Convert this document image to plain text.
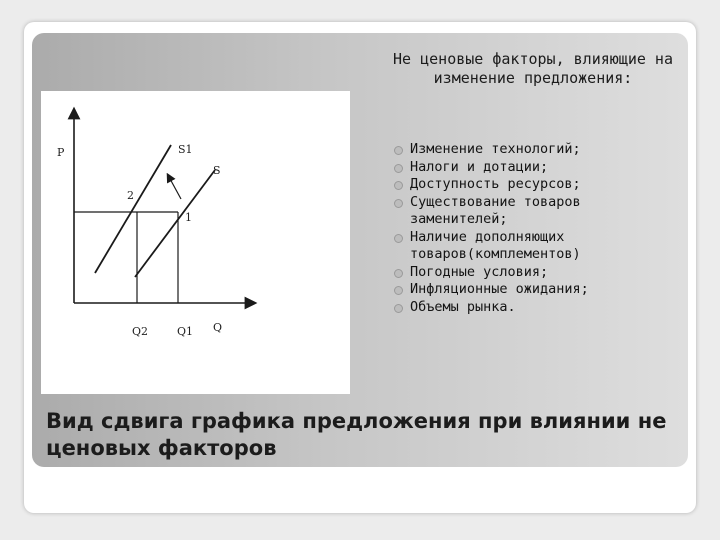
P	S1
S
2
1
Q2	Q1 Q
Не ценовые факторы, влияющие на изменение предложения:
Изменение технологий;
Налоги и дотации;
Доступность ресурсов;
Существование товаров заменителей;
Наличие дополняющих товаров(комплементов)
Погодные условия;
Инфляционные ожидания;
Объемы рынка.

Вид сдвига графика предложения при влиянии не ценовых факторов
